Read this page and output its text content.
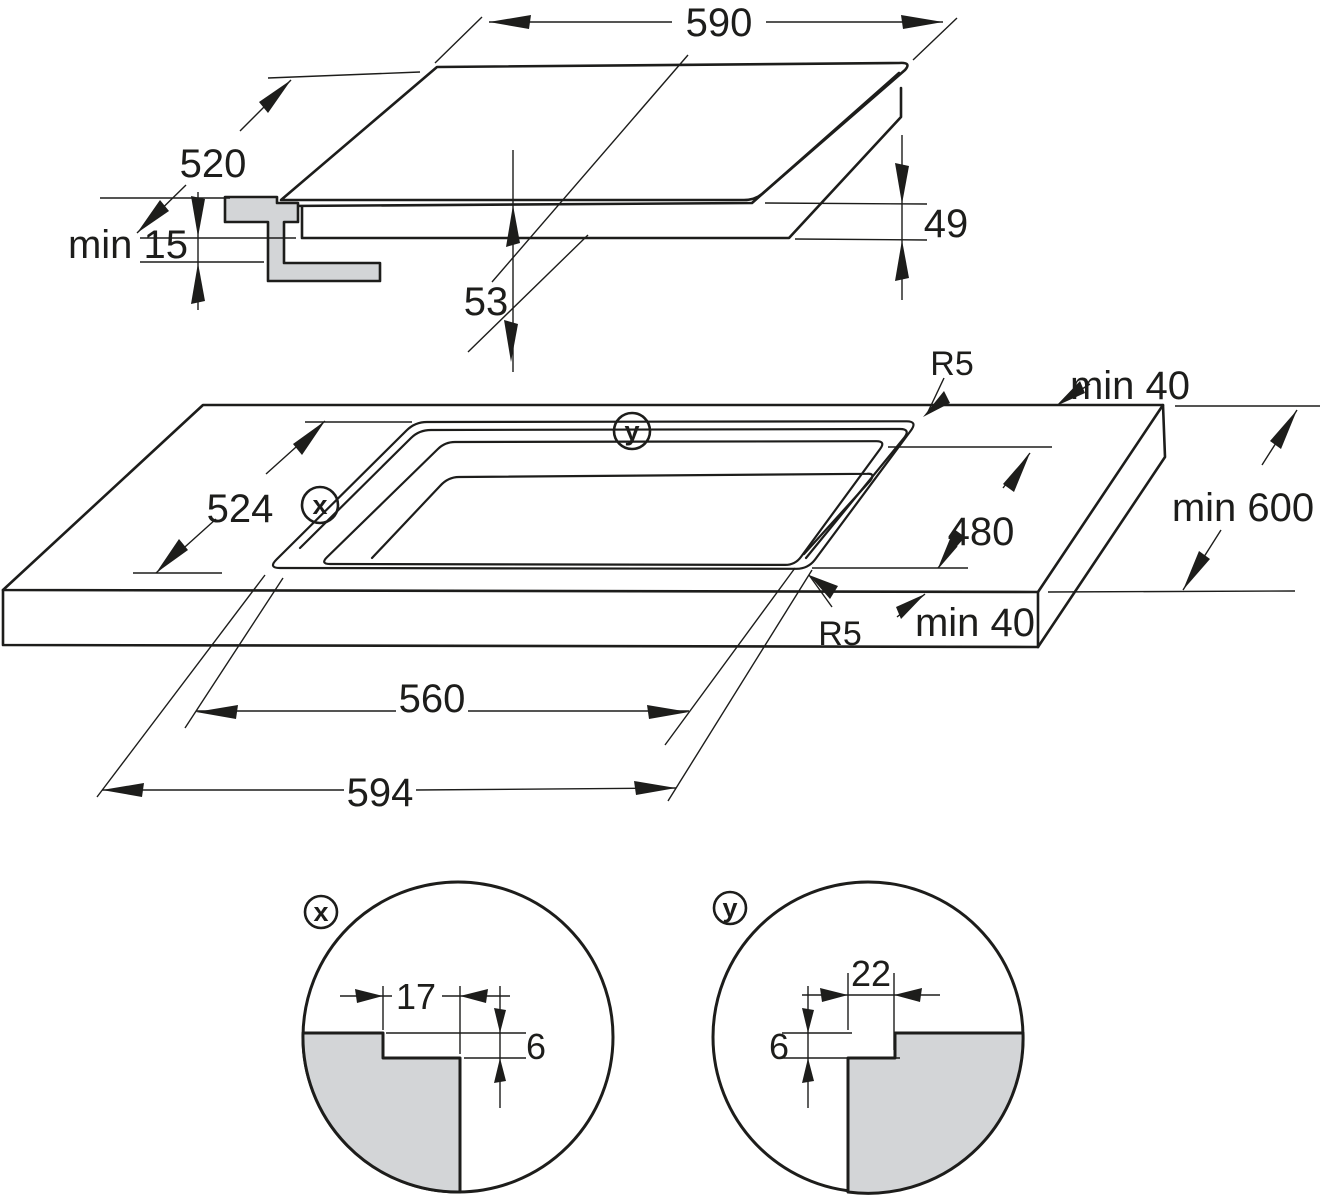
590
520
min 15
53
49
524
480
min 600
min 40
min 40
R5
R5
560
594
x
y
17
6
x
22
6
y
